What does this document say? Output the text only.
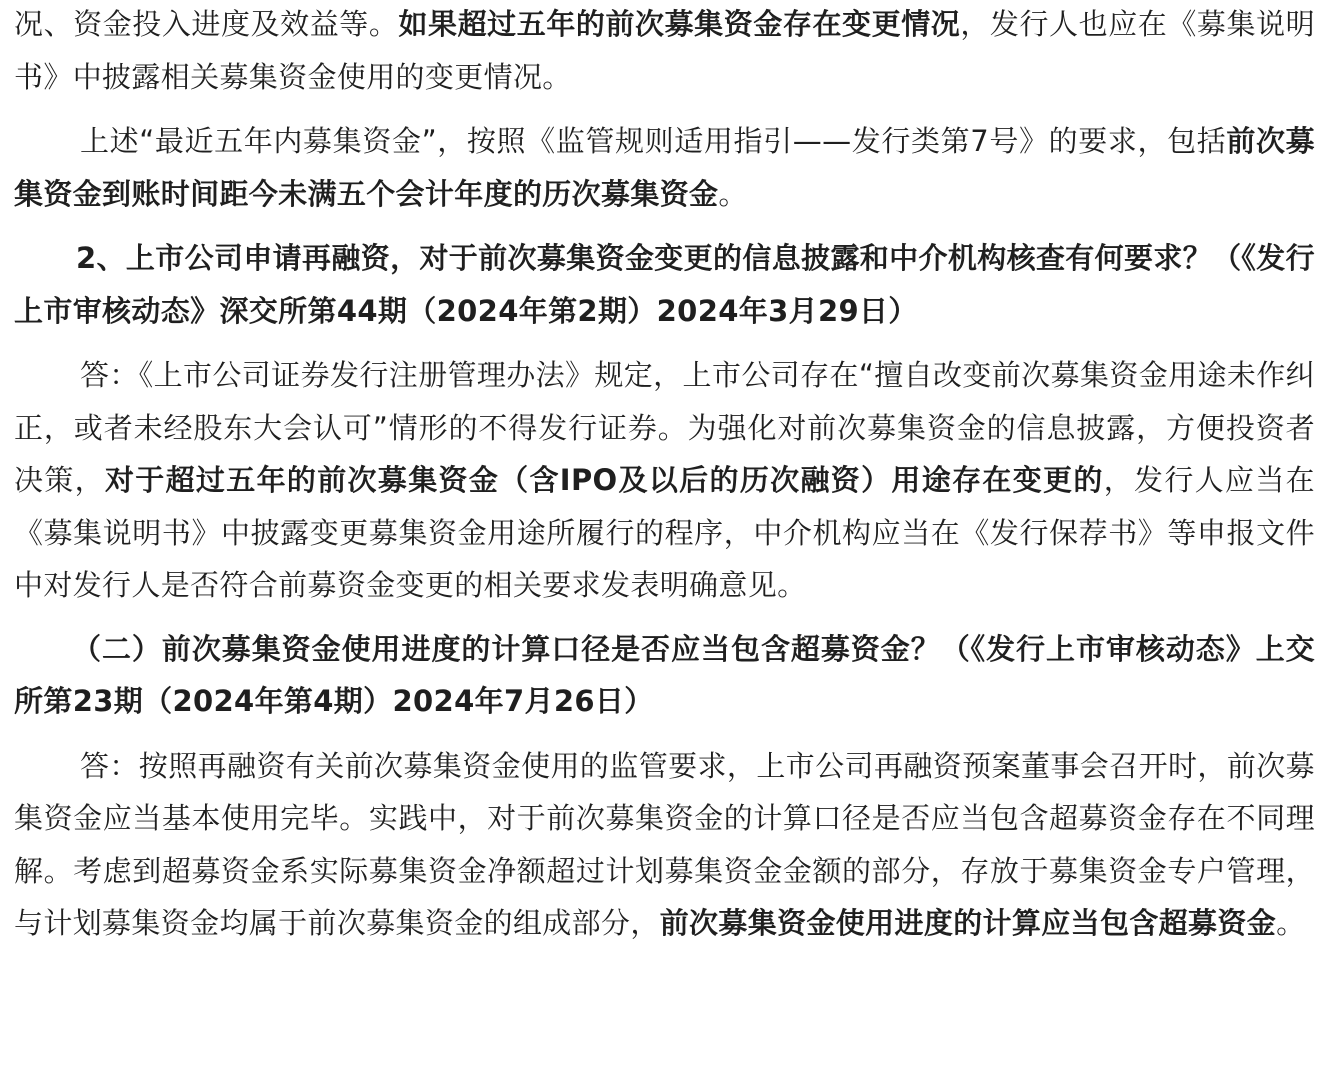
况、资金投入进度及效益等。如果超过五年的前次募集资金存在变更情况，发行人也应在《募集说明书》中披露相关募集资金使用的变更情况。

上述“最近五年内募集资金”，按照《监管规则适用指引——发行类第7号》的要求，包括前次募集资金到账时间距今未满五个会计年度的历次募集资金。

2、上市公司申请再融资，对于前次募集资金变更的信息披露和中介机构核查有何要求？（《发行上市审核动态》深交所第44期（2024年第2期）2024年3月29日）

答：《上市公司证券发行注册管理办法》规定，上市公司存在“擅自改变前次募集资金用途未作纠正，或者未经股东大会认可”情形的不得发行证券。为强化对前次募集资金的信息披露，方便投资者决策，对于超过五年的前次募集资金（含IPO及以后的历次融资）用途存在变更的，发行人应当在《募集说明书》中披露变更募集资金用途所履行的程序，中介机构应当在《发行保荐书》等申报文件中对发行人是否符合前募资金变更的相关要求发表明确意见。

（二）前次募集资金使用进度的计算口径是否应当包含超募资金？（《发行上市审核动态》上交所第23期（2024年第4期）2024年7月26日）

答：按照再融资有关前次募集资金使用的监管要求，上市公司再融资预案董事会召开时，前次募集资金应当基本使用完毕。实践中，对于前次募集资金的计算口径是否应当包含超募资金存在不同理解。考虑到超募资金系实际募集资金净额超过计划募集资金金额的部分，存放于募集资金专户管理，与计划募集资金均属于前次募集资金的组成部分，前次募集资金使用进度的计算应当包含超募资金。
